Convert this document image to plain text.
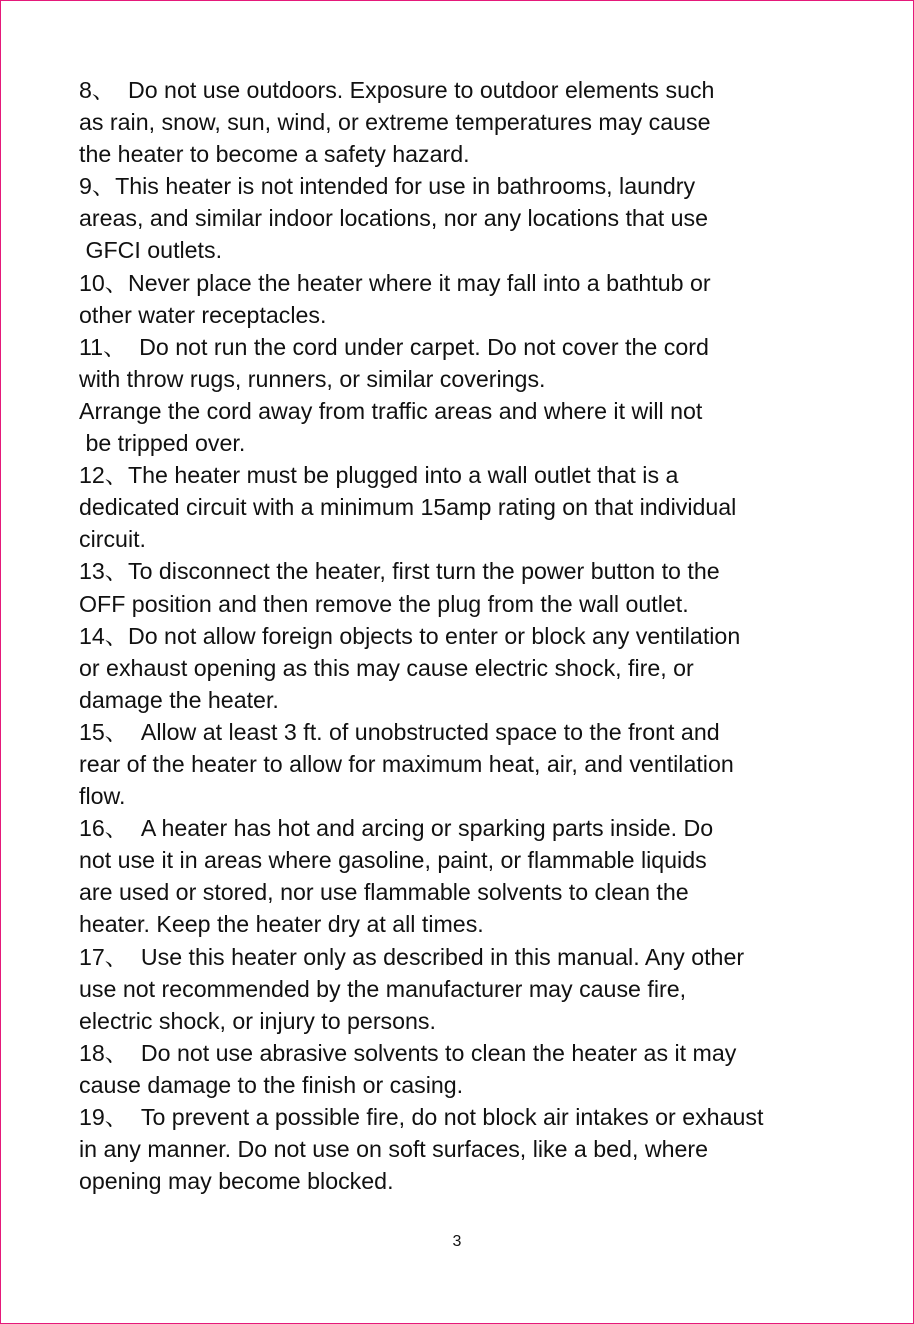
8、  Do not use outdoors. Exposure to outdoor elements such
as rain, snow, sun, wind, or extreme temperatures may cause
the heater to become a safety hazard.
9、This heater is not intended for use in bathrooms, laundry
areas, and similar indoor locations, nor any locations that use
GFCI outlets.
10、Never place the heater where it may fall into a bathtub or
other water receptacles.
11、  Do not run the cord under carpet. Do not cover the cord
with throw rugs, runners, or similar coverings.
Arrange the cord away from traffic areas and where it will not
be tripped over.
12、The heater must be plugged into a wall outlet that is a
dedicated circuit with a minimum 15amp rating on that individual
circuit.
13、To disconnect the heater, first turn the power button to the
OFF position and then remove the plug from the wall outlet.
14、Do not allow foreign objects to enter or block any ventilation
or exhaust opening as this may cause electric shock, fire, or
damage the heater.
15、  Allow at least 3 ft. of unobstructed space to the front and
rear of the heater to allow for maximum heat, air, and ventilation
flow.
16、  A heater has hot and arcing or sparking parts inside. Do
not use it in areas where gasoline, paint, or flammable liquids
are used or stored, nor use flammable solvents to clean the
heater. Keep the heater dry at all times.
17、  Use this heater only as described in this manual. Any other
use not recommended by the manufacturer may cause fire,
electric shock, or injury to persons.
18、  Do not use abrasive solvents to clean the heater as it may
cause damage to the finish or casing.
19、  To prevent a possible fire, do not block air intakes or exhaust
in any manner. Do not use on soft surfaces, like a bed, where
opening may become blocked.
3
